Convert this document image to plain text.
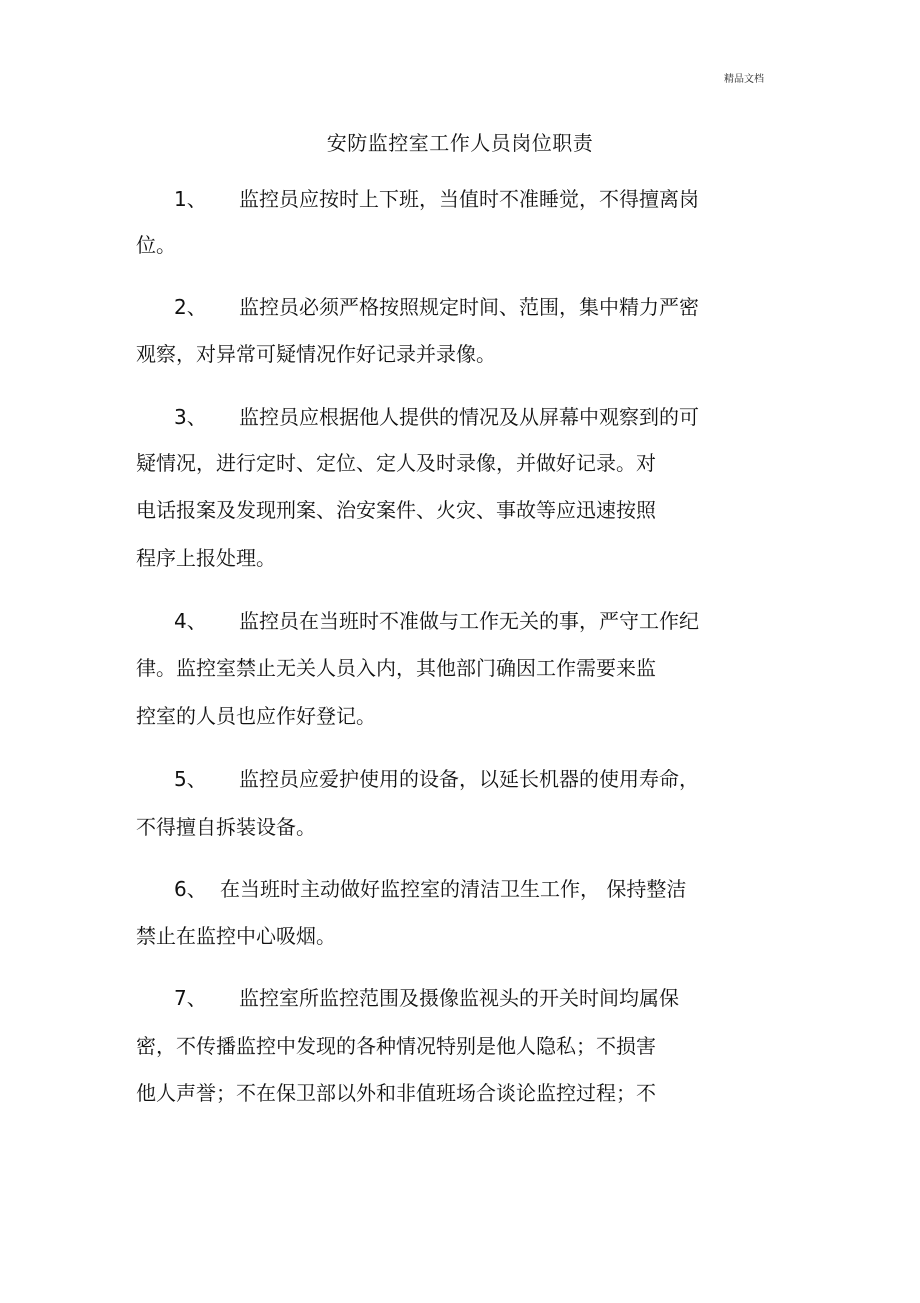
精品文档
安防监控室工作人员岗位职责
1、 监控员应按时上下班，当值时不准睡觉，不得擅离岗
位。
2、 监控员必须严格按照规定时间、范围，集中精力严密
观察，对异常可疑情况作好记录并录像。
3、 监控员应根据他人提供的情况及从屏幕中观察到的可
疑情况，进行定时、定位、定人及时录像，并做好记录。对
电话报案及发现刑案、治安案件、火灾、事故等应迅速按照
程序上报处理。
4、 监控员在当班时不准做与工作无关的事，严守工作纪
律。监控室禁止无关人员入内，其他部门确因工作需要来监
控室的人员也应作好登记。
5、 监控员应爱护使用的设备，以延长机器的使用寿命，
不得擅自拆装设备。
6、 在当班时主动做好监控室的清洁卫生工作， 保持整洁
禁止在监控中心吸烟。
7、 监控室所监控范围及摄像监视头的开关时间均属保
密，不传播监控中发现的各种情况特别是他人隐私；不损害
他人声誉；不在保卫部以外和非值班场合谈论监控过程；不
